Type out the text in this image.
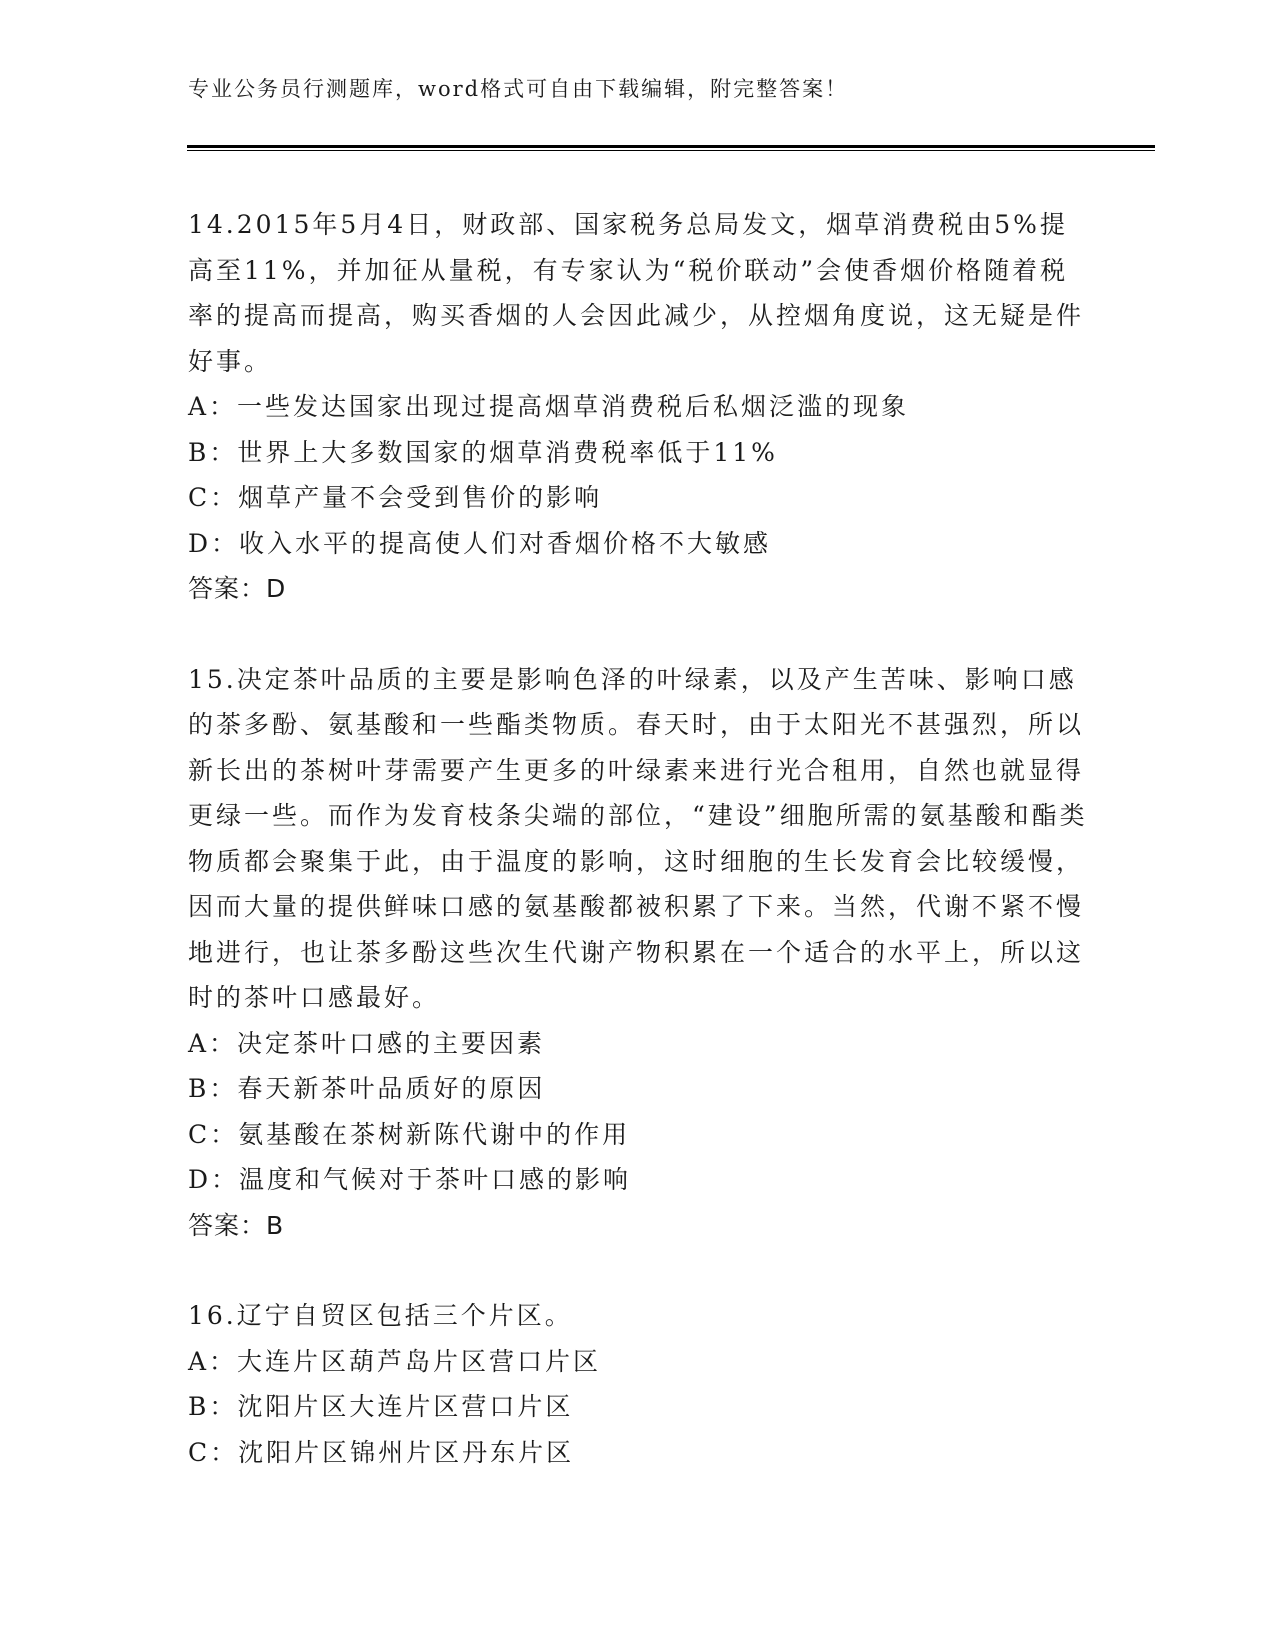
专业公务员行测题库，word格式可自由下载编辑，附完整答案！

14.2015年5月4日，财政部、国家税务总局发文，烟草消费税由5%提高至11%，并加征从量税，有专家认为“税价联动”会使香烟价格随着税率的提高而提高，购买香烟的人会因此减少，从控烟角度说，这无疑是件好事。

A：一些发达国家出现过提高烟草消费税后私烟泛滥的现象

B：世界上大多数国家的烟草消费税率低于11%

C：烟草产量不会受到售价的影响

D：收入水平的提高使人们对香烟价格不大敏感

答案：D

15.决定茶叶品质的主要是影响色泽的叶绿素，以及产生苦味、影响口感的茶多酚、氨基酸和一些酯类物质。春天时，由于太阳光不甚强烈，所以新长出的茶树叶芽需要产生更多的叶绿素来进行光合租用，自然也就显得更绿一些。而作为发育枝条尖端的部位，“建设”细胞所需的氨基酸和酯类物质都会聚集于此，由于温度的影响，这时细胞的生长发育会比较缓慢，因而大量的提供鲜味口感的氨基酸都被积累了下来。当然，代谢不紧不慢地进行，也让茶多酚这些次生代谢产物积累在一个适合的水平上，所以这时的茶叶口感最好。

A：决定茶叶口感的主要因素

B：春天新茶叶品质好的原因

C：氨基酸在茶树新陈代谢中的作用

D：温度和气候对于茶叶口感的影响

答案：B

16.辽宁自贸区包括三个片区。

A：大连片区葫芦岛片区营口片区

B：沈阳片区大连片区营口片区

C：沈阳片区锦州片区丹东片区
